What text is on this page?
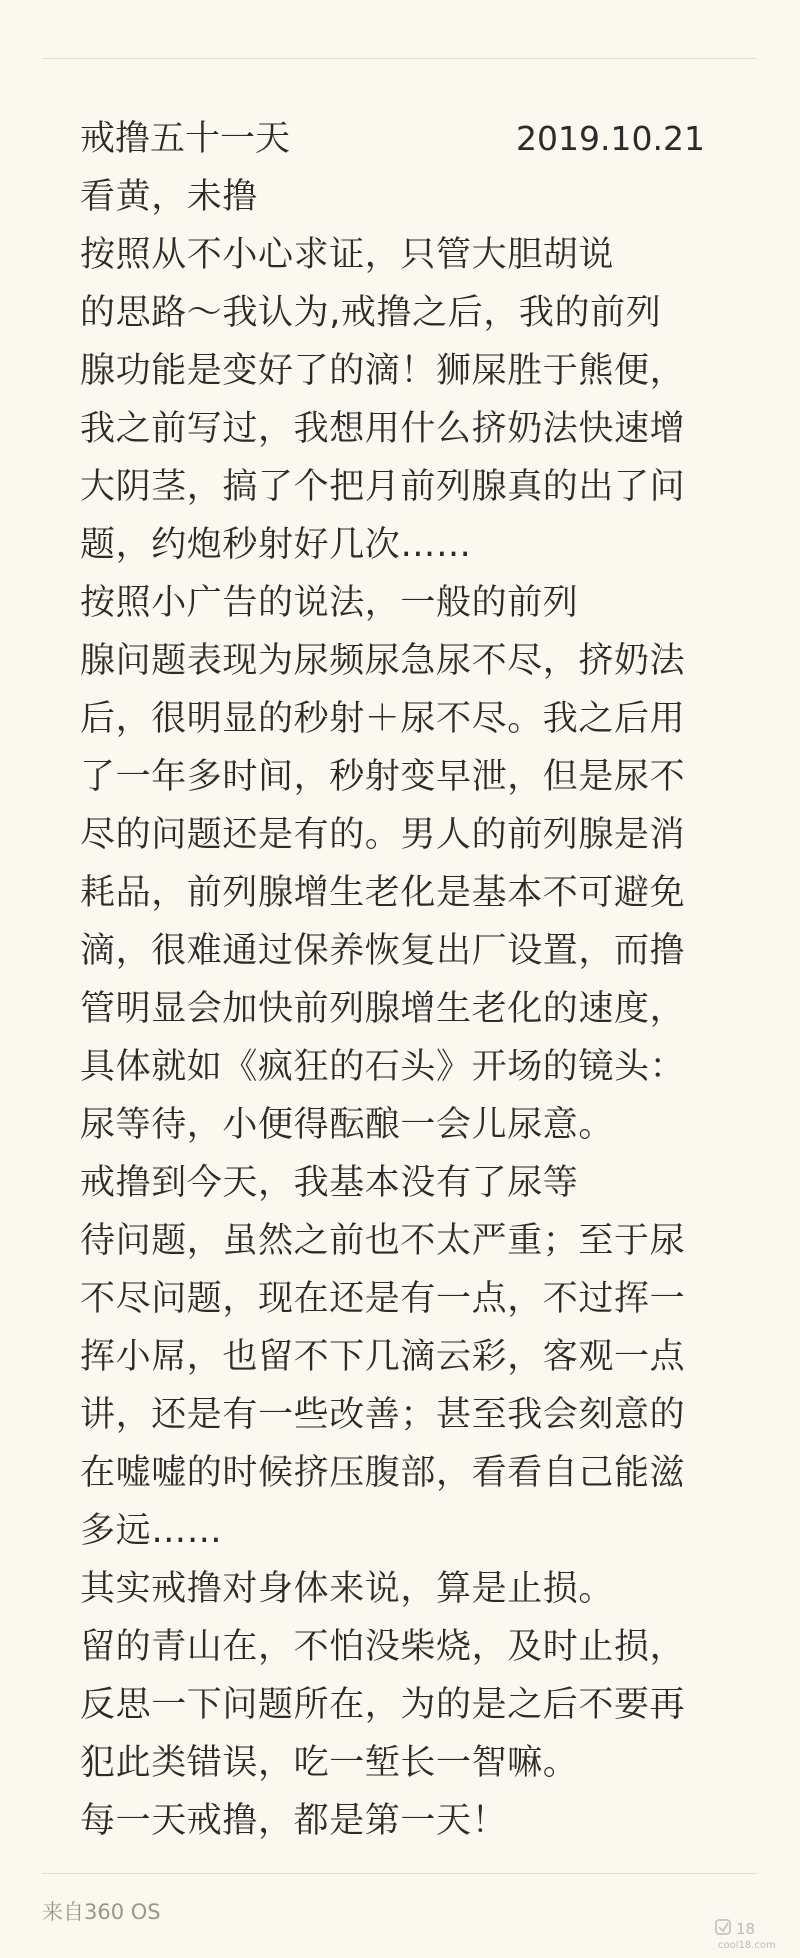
戒撸五十一天	2019.10.21
看黄，未撸
按照从不小心求证，只管大胆胡说
的思路～我认为,戒撸之后，我的前列
腺功能是变好了的滴！狮屎胜于熊便，
我之前写过，我想用什么挤奶法快速增
大阴茎，搞了个把月前列腺真的出了问
题，约炮秒射好几次……
按照小广告的说法，一般的前列
腺问题表现为尿频尿急尿不尽，挤奶法
后，很明显的秒射＋尿不尽。我之后用
了一年多时间，秒射变早泄，但是尿不
尽的问题还是有的。男人的前列腺是消
耗品，前列腺增生老化是基本不可避免
滴，很难通过保养恢复出厂设置，而撸
管明显会加快前列腺增生老化的速度，
具体就如《疯狂的石头》开场的镜头：
尿等待，小便得酝酿一会儿尿意。
戒撸到今天，我基本没有了尿等
待问题，虽然之前也不太严重；至于尿
不尽问题，现在还是有一点，不过挥一
挥小屌，也留不下几滴云彩，客观一点
讲，还是有一些改善；甚至我会刻意的
在嘘嘘的时候挤压腹部，看看自己能滋
多远……
其实戒撸对身体来说，算是止损。
留的青山在，不怕没柴烧，及时止损，
反思一下问题所在，为的是之后不要再
犯此类错误，吃一堑长一智嘛。
每一天戒撸，都是第一天！
来自360 OS
18
cool18.com
